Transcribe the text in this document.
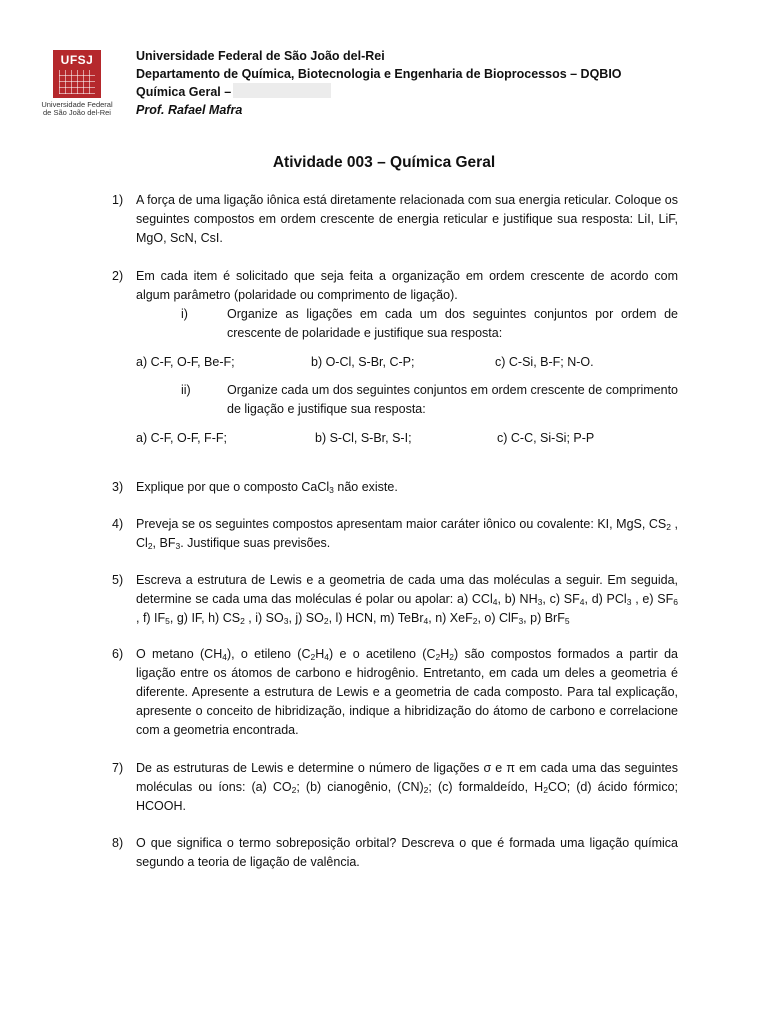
UFSJ
Universidade Federal
de São João del-Rei
Universidade Federal de São João del-Rei
Departamento de Química, Biotecnologia e Engenharia de Bioprocessos – DQBIO
Química Geral –
Prof. Rafael Mafra
Atividade 003 – Química Geral
1) A força de uma ligação iônica está diretamente relacionada com sua energia reticular. Coloque os seguintes compostos em ordem crescente de energia reticular e justifique sua resposta: LiI, LiF, MgO, ScN, CsI.
2) Em cada item é solicitado que seja feita a organização em ordem crescente de acordo com algum parâmetro (polaridade ou comprimento de ligação).
i)	Organize as ligações em cada um dos seguintes conjuntos por ordem de crescente de polaridade e justifique sua resposta:
a) C-F, O-F, Be-F;	b) O-Cl, S-Br, C-P;	c) C-Si, B-F; N-O.
ii)	Organize cada um dos seguintes conjuntos em ordem crescente de comprimento de ligação e justifique sua resposta:
a) C-F, O-F, F-F;	b) S-Cl, S-Br, S-I;	c) C-C, Si-Si; P-P
3) Explique por que o composto CaCl$_3$ não existe.
4) Preveja se os seguintes compostos apresentam maior caráter iônico ou covalente: KI, MgS, $CS_2$ , $Cl_2$, $BF_3$. Justifique suas previsões.
5) Escreva a estrutura de Lewis e a geometria de cada uma das moléculas a seguir. Em seguida, determine se cada uma das moléculas é polar ou apolar: a) CCl$_4$, b) $NH_3$, c) $SF_4$, d) PCl$_3$ , e) $SF_6$ , f) $IF_5$, g) IF, h) $CS_2$ , i) $SO_3$, j) $SO_2$, l) HCN, m) TeBr$_4$, n) XeF$_2$, o) ClF$_3$, p) BrF$_5$
6) O metano $(CH_4)$, o etileno $(C_2H_4)$ e o acetileno $(C_2H_2)$ são compostos formados a partir da ligação entre os átomos de carbono e hidrogênio. Entretanto, em cada um deles a geometria é diferente. Apresente a estrutura de Lewis e a geometria de cada composto. Para tal explicação, apresente o conceito de hibridização, indique a hibridização do átomo de carbono e correlacione com a geometria encontrada.
7) De as estruturas de Lewis e determine o número de ligações σ e π em cada uma das seguintes moléculas ou íons: (a) $CO_2$; (b) cianogênio, $(CN)_2$; (c) formaldeído, $H_2CO$; (d) ácido fórmico; HCOOH.
8) O que significa o termo sobreposição orbital? Descreva o que é formada uma ligação química segundo a teoria de ligação de valência.
